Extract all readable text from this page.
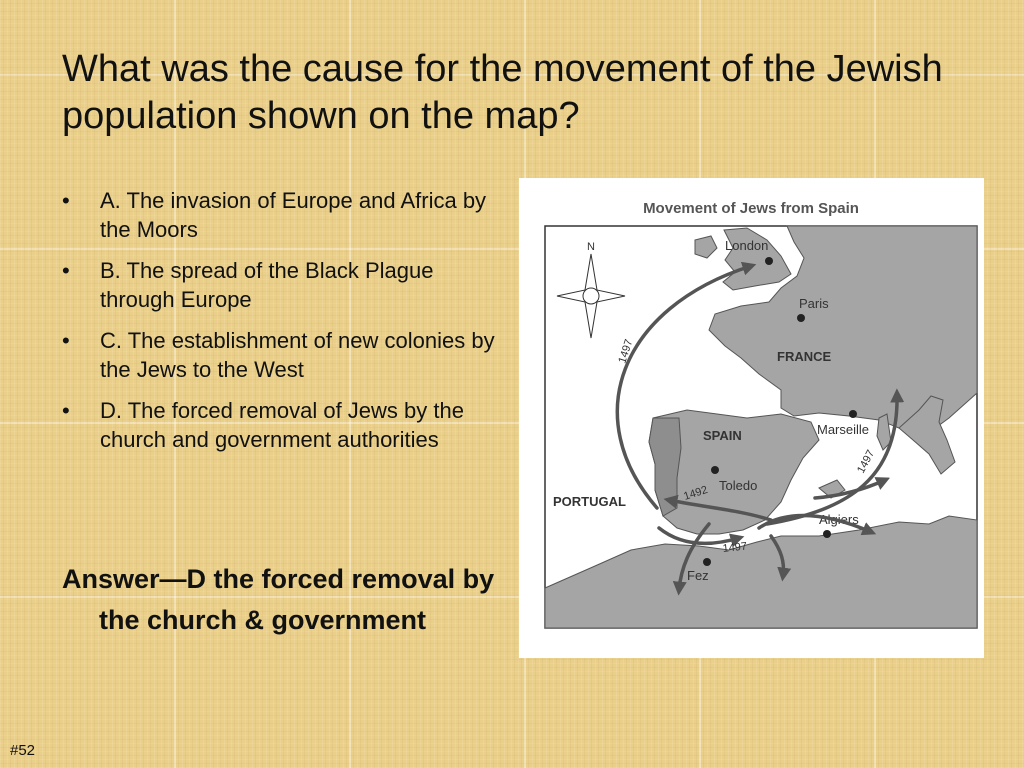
What was the cause for the movement of the Jewish population shown on the map?
•	A. The invasion of Europe and Africa by the Moors
•	B. The spread of the Black Plague through Europe
•	C. The establishment of new colonies by the Jews to the West
•	D. The forced removal of Jews by the church and government authorities
Answer—D the forced removal by the church & government
Movement of Jews from Spain
London
Paris
FRANCE
SPAIN
PORTUGAL
Toledo
Marseille
Algiers
Fez
1497
1492
1497
1497
N
#52
